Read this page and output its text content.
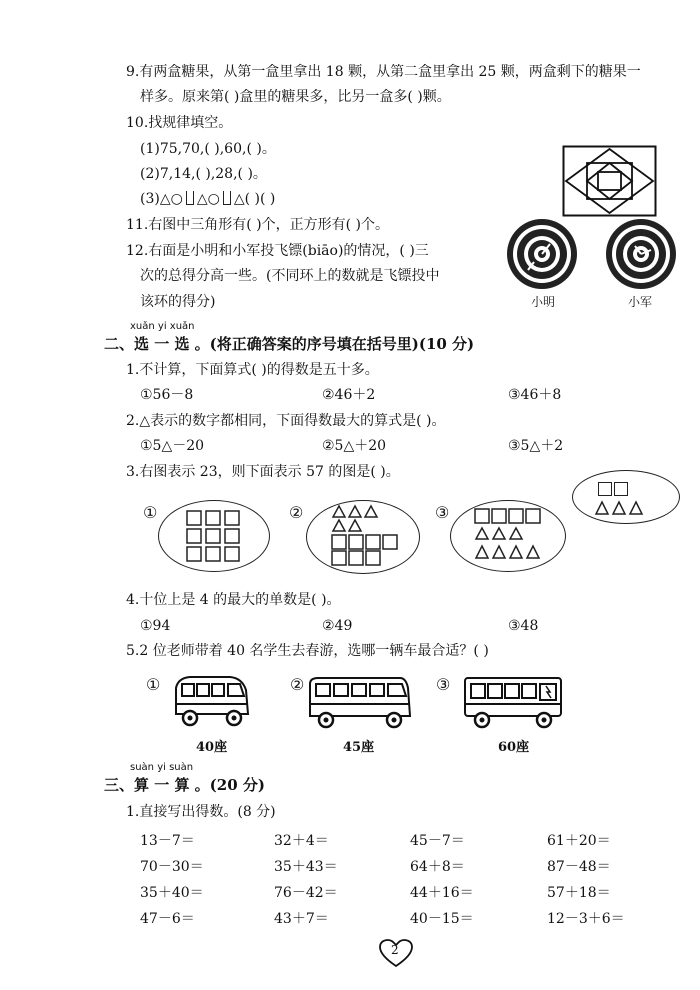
9.有两盒糖果，从第一盒里拿出 18 颗，从第二盒里拿出 25 颗，两盒剩下的糖果一
样多。原来第( )盒里的糖果多，比另一盒多( )颗。
10.找规律填空。
(1)75,70,( ),60,( )。
(2)7,14,( ),28,( )。
(3)△○ △○ △( )( )
11.右图中三角形有( )个，正方形有( )个。
12.右面是小明和小军投飞镖(biāo)的情况，( )三
次的总得分高一些。(不同环上的数就是飞镖投中
该环的得分)	小明	小军
xuǎn yi xuǎn
二、选 一 选 。(将正确答案的序号填在括号里)(10 分)
1.不计算，下面算式( )的得数是五十多。
①56－8	②46＋2	③46＋8
2.△表示的数字都相同，下面得数最大的算式是( )。
①5△－20	②5△＋20	③5△＋2
3.右图表示 23，则下面表示 57 的图是( )。
①	②	③
4.十位上是 4 的最大的单数是( )。
①94	②49	③48
5.2 位老师带着 40 名学生去春游，选哪一辆车最合适？( )
①
40座
②
45座
③
60座
suàn yi suàn
三、算 一 算 。(20 分)
1.直接写出得数。(8 分)
13－7＝	32＋4＝	45－7＝	61＋20＝
70－30＝	35＋43＝	64＋8＝	87－48＝
35＋40＝	76－42＝	44＋16＝	57＋18＝
47－6＝	43＋7＝	40－15＝	12－3＋6＝
2
